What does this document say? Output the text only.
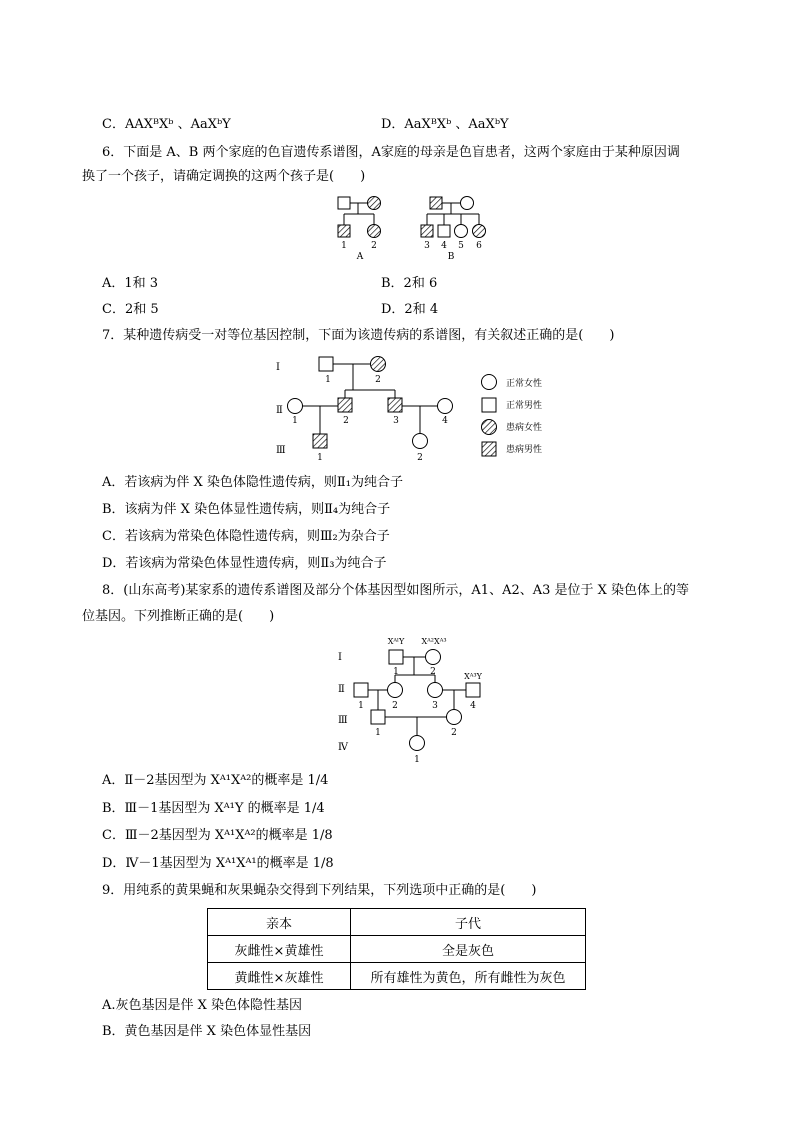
C．AAXᴮXᵇ 、AaXᵇY	D．AaXᴮXᵇ 、AaXᵇY
6．下面是 A、B 两个家庭的色盲遗传系谱图，A家庭的母亲是色盲患者，这两个家庭由于某种原因调
换了一个孩子，请确定调换的这两个孩子是(　　)
1	2
A
3 4 5 6
B
A．1和 3	B．2和 6
C．2和 5	D．2和 4
7．某种遗传病受一对等位基因控制，下面为该遗传病的系谱图，有关叙述正确的是(　　)
Ⅰ
Ⅱ
Ⅲ
1	2
1	2	3	4
1	2
正常女性
正常男性
患病女性
患病男性
A．若该病为伴 X 染色体隐性遗传病，则Ⅱ₁为纯合子
B．该病为伴 X 染色体显性遗传病，则Ⅱ₄为纯合子
C．若该病为常染色体隐性遗传病，则Ⅲ₂为杂合子
D．若该病为常染色体显性遗传病，则Ⅱ₃为纯合子
8．(山东高考)某家系的遗传系谱图及部分个体基因型如图所示，A1、A2、A3 是位于 X 染色体上的等
位基因。下列推断正确的是(　　)
Ⅰ
Ⅱ
Ⅲ
Ⅳ
XᴬˡY Xᴬ²Xᴬ³
1	2	Xᴬ³Y
1	2	3	4
1	2
1
A．Ⅱ－2基因型为 Xᴬ¹Xᴬ²的概率是 1/4
B．Ⅲ－1基因型为 Xᴬ¹Y 的概率是 1/4
C．Ⅲ－2基因型为 Xᴬ¹Xᴬ²的概率是 1/8
D．Ⅳ－1基因型为 Xᴬ¹Xᴬ¹的概率是 1/8
9．用纯系的黄果蝇和灰果蝇杂交得到下列结果，下列选项中正确的是(　　)
亲本	子代
灰雌性×黄雄性	全是灰色
黄雌性×灰雄性	所有雄性为黄色，所有雌性为灰色
A.灰色基因是伴 X 染色体隐性基因
B．黄色基因是伴 X 染色体显性基因
